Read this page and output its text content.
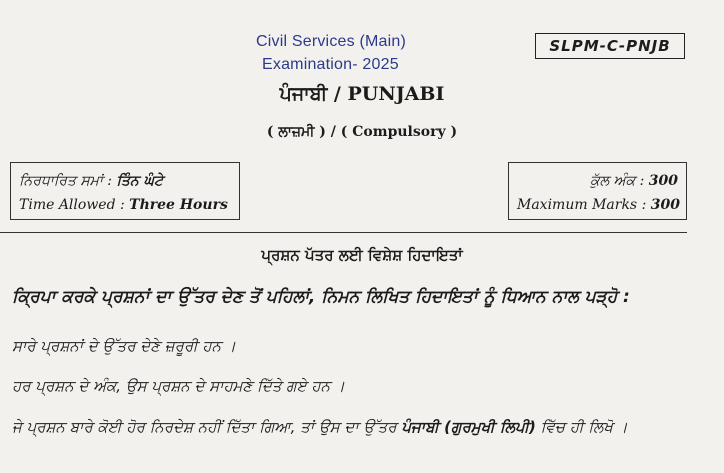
Civil Services (Main)
Examination- 2025
SLPM-C-PNJB
ਪੰਜਾਬੀ / PUNJABI
( ਲਾਜ਼ਮੀ ) / ( Compulsory )
ਨਿਰਧਾਰਿਤ ਸਮਾਂ : ਤਿੰਨ ਘੰਟੇ
Time Allowed : Three Hours
ਕੁੱਲ ਅੰਕ : 300
Maximum Marks : 300
ਪ੍ਰਸ਼ਨ ਪੱਤਰ ਲਈ ਵਿਸ਼ੇਸ਼ ਹਿਦਾਇਤਾਂ
ਕ੍ਰਿਪਾ ਕਰਕੇ ਪ੍ਰਸ਼ਨਾਂ ਦਾ ਉੱਤਰ ਦੇਣ ਤੋਂ ਪਹਿਲਾਂ, ਨਿਮਨ ਲਿਖਿਤ ਹਿਦਾਇਤਾਂ ਨੂੰ ਧਿਆਨ ਨਾਲ ਪੜ੍ਹੋ :
ਸਾਰੇ ਪ੍ਰਸ਼ਨਾਂ ਦੇ ਉੱਤਰ ਦੇਣੇ ਜ਼ਰੂਰੀ ਹਨ ।
ਹਰ ਪ੍ਰਸ਼ਨ ਦੇ ਅੰਕ, ਉਸ ਪ੍ਰਸ਼ਨ ਦੇ ਸਾਹਮਣੇ ਦਿੱਤੇ ਗਏ ਹਨ ।
ਜੇ ਪ੍ਰਸ਼ਨ ਬਾਰੇ ਕੋਈ ਹੋਰ ਨਿਰਦੇਸ਼ ਨਹੀਂ ਦਿੱਤਾ ਗਿਆ, ਤਾਂ ਉਸ ਦਾ ਉੱਤਰ ਪੰਜਾਬੀ (ਗੁਰਮੁਖੀ ਲਿਪੀ) ਵਿੱਚ ਹੀ ਲਿਖੋ ।
